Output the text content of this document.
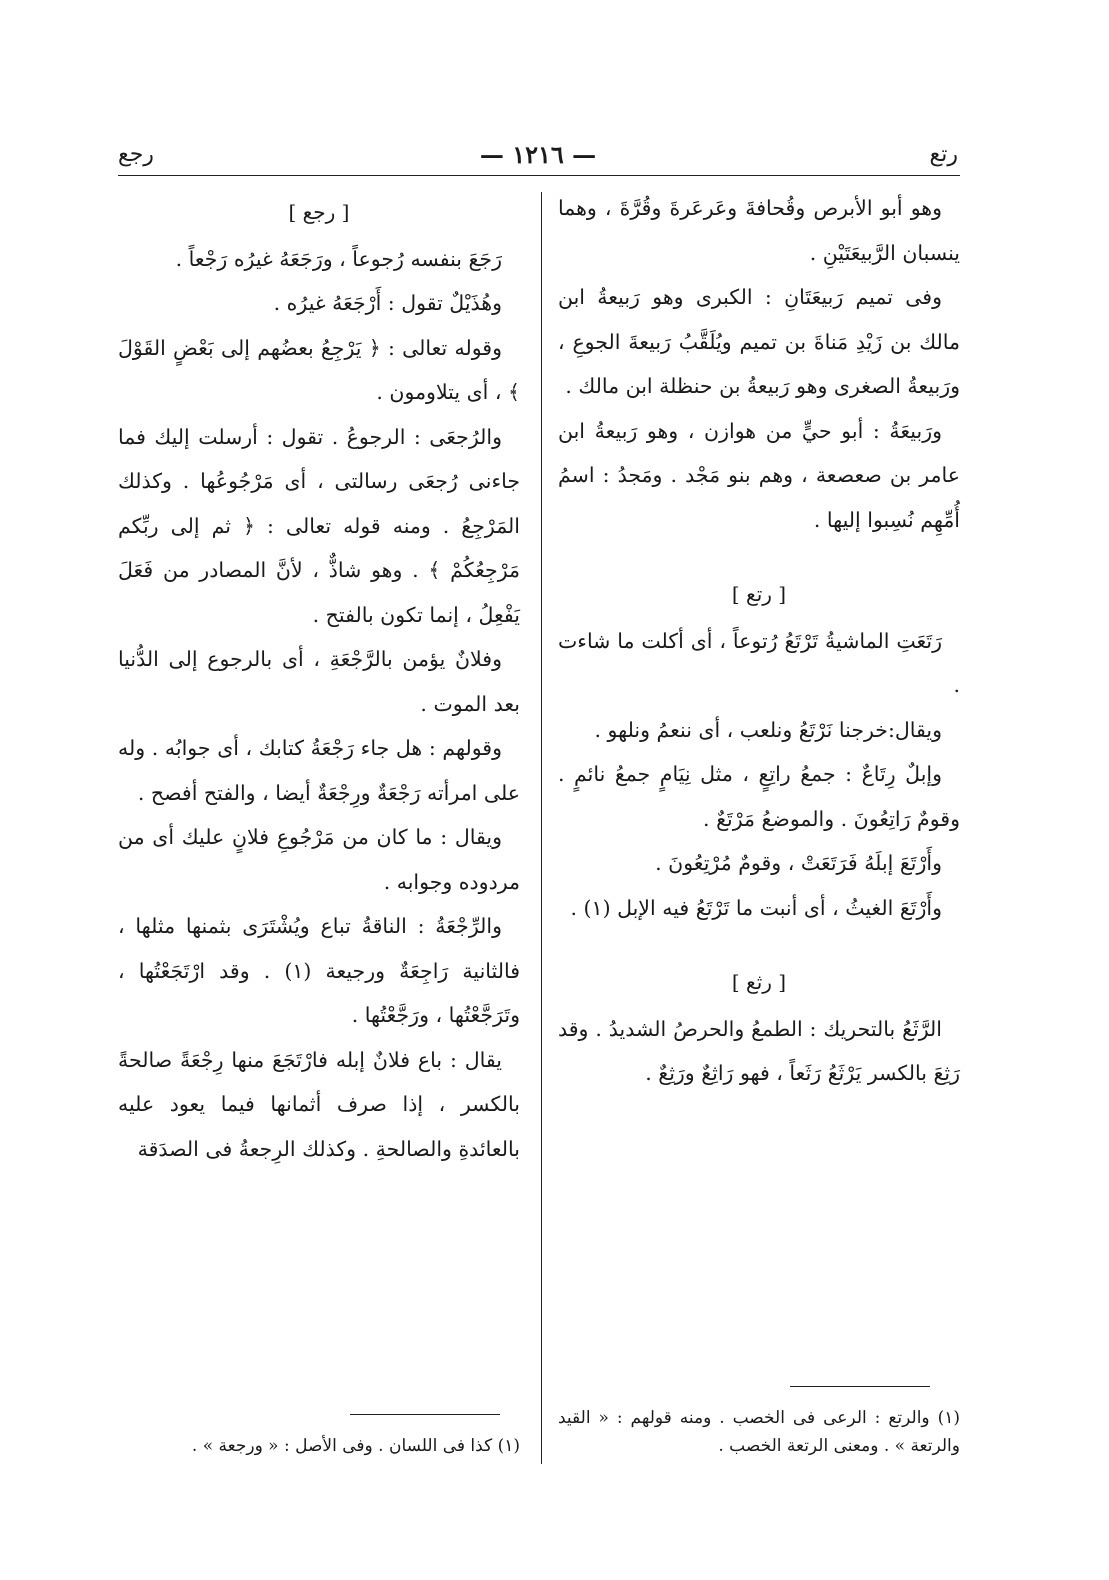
رتع
— ١٢١٦ —
رجع

وهو أبو الأبرص وقُحافةَ وعَرعَرةَ وقُرَّةَ ، وهما ينسبان الرَّبيعَتَيْنِ .

وفى تميم رَبيعَتَانِ : الكبرى وهو رَبيعةُ ابن مالك بن زَيْدِ مَناةَ بن تميم ويُلَقَّبُ رَبيعةَ الجوعِ ، ورَبيعةُ الصغرى وهو رَبيعةُ بن حنظلة ابن مالك .

ورَبيعَةُ : أبو حيٍّ من هوازن ، وهو رَبيعةُ ابن عامر بن صعصعة ، وهم بنو مَجْد . ومَجدُ : اسمُ أُمِّهِم نُسِبوا إليها .

[ رتع ]

رَتَعَتِ الماشيةُ تَرْتَعُ رُتوعاً ، أى أكلت ما شاءت .

ويقال:خرجنا نَرْتَعُ ونلعب ، أى ننعمُ ونلهو .

وإبلٌ رِتَاعٌ : جمعُ راتِعٍ ، مثل نِيَامٍ جمعُ نائمٍ . وقومٌ رَاتِعُونَ . والموضعُ مَرْتَعٌ .

وأَرْتَعَ إبلَهُ فَرَتَعَتْ ، وقومٌ مُرْتِعُونَ .

وأَرْتَعَ الغيثُ ، أى أنبت ما تَرْتَعُ فيه الإبل (١) .

[ رثع ]

الرَّثَعُ بالتحريك : الطمعُ والحرصُ الشديدُ . وقد رَثِعَ بالكسر يَرْثَعُ رَثَعاً ، فهو رَاثِعٌ ورَثِعٌ .

(١) والرتع : الرعى فى الخصب . ومنه قولهم : « القيد والرتعة » . ومعنى الرتعة الخصب .
[ رجع ]

رَجَعَ بنفسه رُجوعاً ، ورَجَعَهُ غيرُه رَجْعاً .

وهُذَيْلٌ تقول : أَرْجَعَهُ غيرُه .

وقوله تعالى : ﴿ يَرْجِعُ بعضُهم إلى بَعْضٍ القَوْلَ ﴾ ، أى يتلاومون .

والرُجعَى : الرجوعُ . تقول : أرسلت إليك فما جاءنى رُجعَى رسالتى ، أى مَرْجُوعُها . وكذلك المَرْجِعُ . ومنه قوله تعالى : ﴿ ثم إلى ربِّكم مَرْجِعُكُمْ ﴾ . وهو شاذٌّ ، لأنَّ المصادر من فَعَلَ يَفْعِلُ ، إنما تكون بالفتح .

وفلانٌ يؤمن بالرَّجْعَةِ ، أى بالرجوع إلى الدُّنيا بعد الموت .

وقولهم : هل جاء رَجْعَةُ كتابك ، أى جوابُه . وله على امرأته رَجْعَةٌ ورِجْعَةٌ أيضا ، والفتح أفصح .

ويقال : ما كان من مَرْجُوعِ فلانٍ عليك أى من مردوده وجوابه .

والرِّجْعَةُ : الناقةُ تباع ويُشْتَرَى بثمنها مثلها ، فالثانية رَاجِعَةٌ ورجيعة (١) . وقد ارْتَجَعْتُها ، وتَرَجَّعْتُها ، ورَجَّعْتُها .

يقال : باع فلانٌ إبله فارْتَجَعَ منها رِجْعَةً صالحةً بالكسر ، إذا صرف أثمانها فيما يعود عليه بالعائدةِ والصالحةِ . وكذلك الرِجعةُ فى الصدَقة

(١) كذا فى اللسان . وفى الأصل : « ورجعة » .
